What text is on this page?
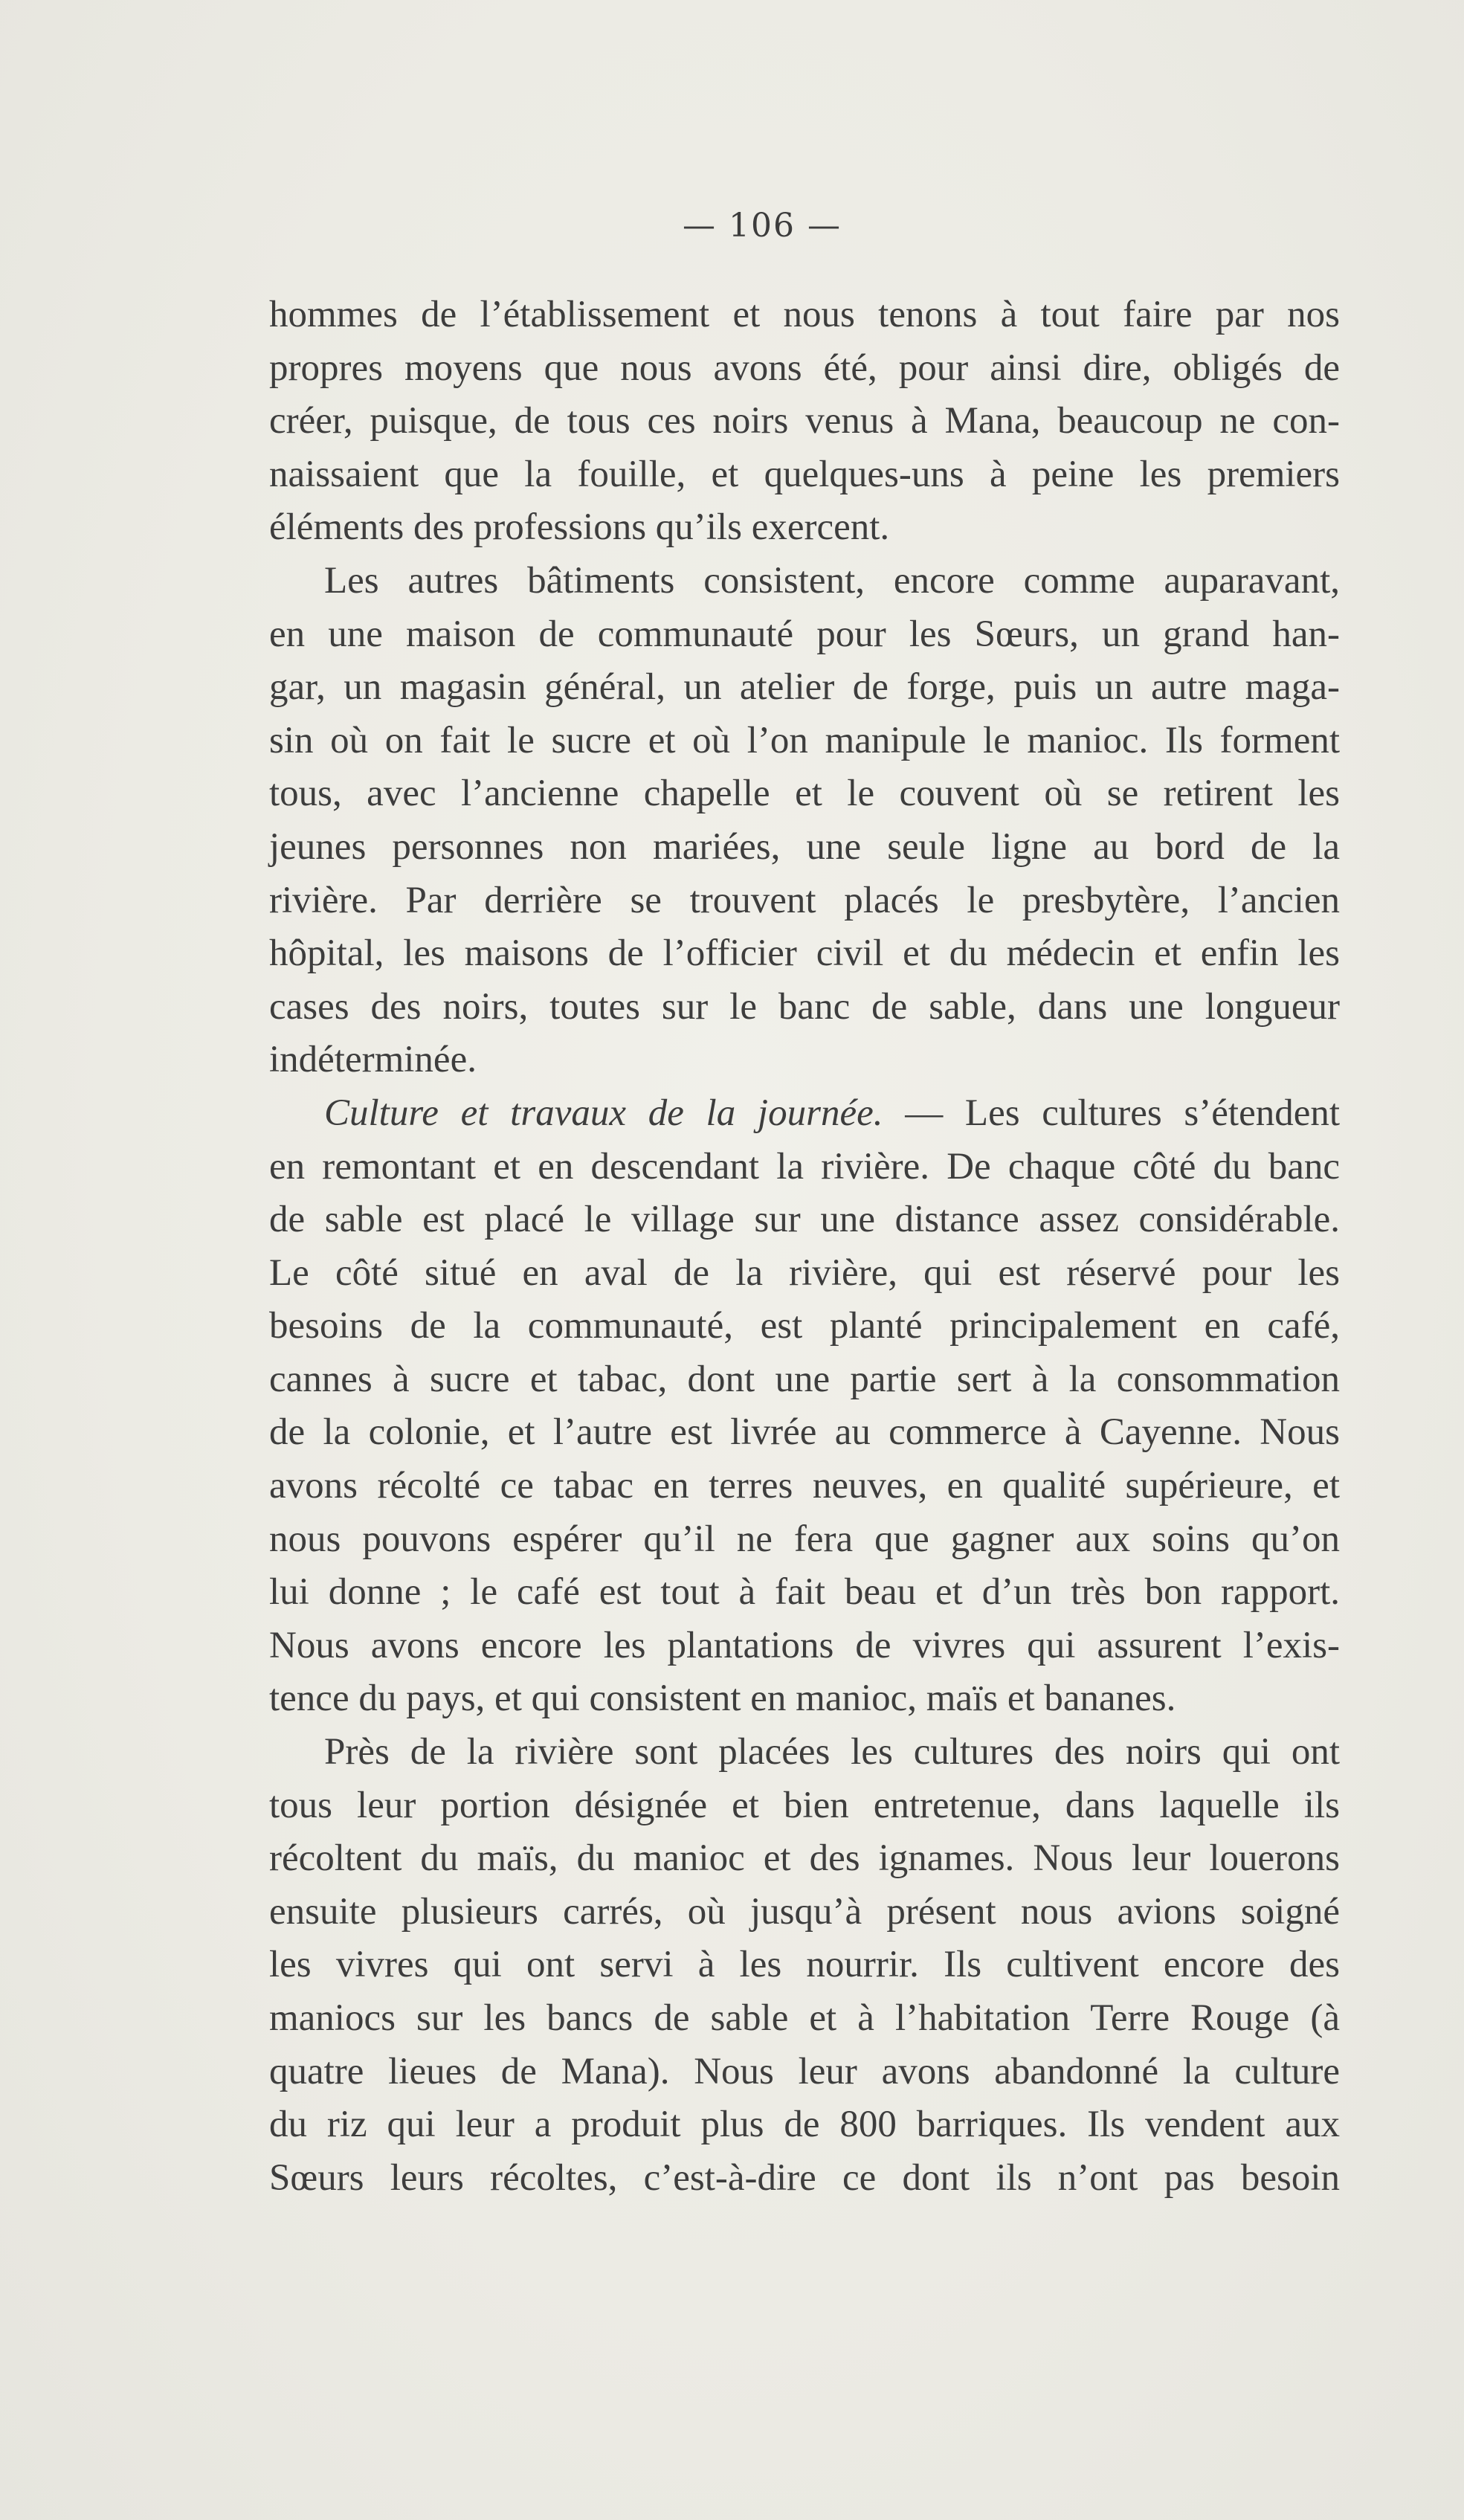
— 106 —
hommes de l’établissement et nous tenons à tout faire par nos
propres moyens que nous avons été, pour ainsi dire, obligés de
créer, puisque, de tous ces noirs venus à Mana, beaucoup ne con-
naissaient que la fouille, et quelques-uns à peine les premiers
éléments des professions qu’ils exercent.
Les autres bâtiments consistent, encore comme auparavant,
en une maison de communauté pour les Sœurs, un grand han-
gar, un magasin général, un atelier de forge, puis un autre maga-
sin où on fait le sucre et où l’on manipule le manioc. Ils forment
tous, avec l’ancienne chapelle et le couvent où se retirent les
jeunes personnes non mariées, une seule ligne au bord de la
rivière. Par derrière se trouvent placés le presbytère, l’ancien
hôpital, les maisons de l’officier civil et du médecin et enfin les
cases des noirs, toutes sur le banc de sable, dans une longueur
indéterminée.
Culture et travaux de la journée. — Les cultures s’étendent
en remontant et en descendant la rivière. De chaque côté du banc
de sable est placé le village sur une distance assez considérable.
Le côté situé en aval de la rivière, qui est réservé pour les
besoins de la communauté, est planté principalement en café,
cannes à sucre et tabac, dont une partie sert à la consommation
de la colonie, et l’autre est livrée au commerce à Cayenne. Nous
avons récolté ce tabac en terres neuves, en qualité supérieure, et
nous pouvons espérer qu’il ne fera que gagner aux soins qu’on
lui donne ; le café est tout à fait beau et d’un très bon rapport.
Nous avons encore les plantations de vivres qui assurent l’exis-
tence du pays, et qui consistent en manioc, maïs et bananes.
Près de la rivière sont placées les cultures des noirs qui ont
tous leur portion désignée et bien entretenue, dans laquelle ils
récoltent du maïs, du manioc et des ignames. Nous leur louerons
ensuite plusieurs carrés, où jusqu’à présent nous avions soigné
les vivres qui ont servi à les nourrir. Ils cultivent encore des
maniocs sur les bancs de sable et à l’habitation Terre Rouge (à
quatre lieues de Mana). Nous leur avons abandonné la culture
du riz qui leur a produit plus de 800 barriques. Ils vendent aux
Sœurs leurs récoltes, c’est-à-dire ce dont ils n’ont pas besoin
